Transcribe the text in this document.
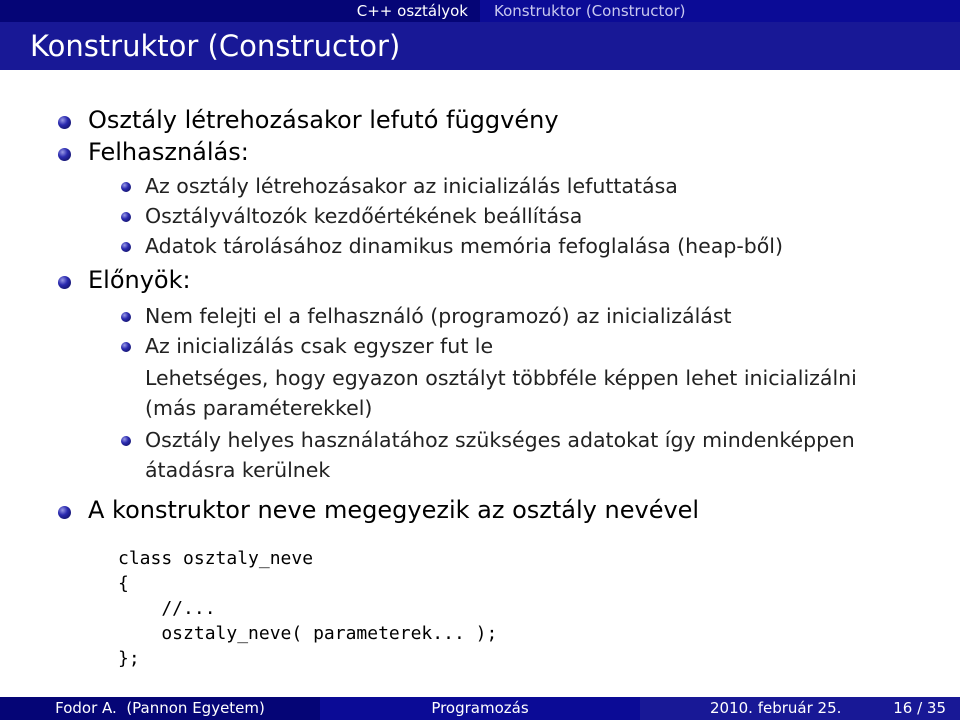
C++ osztályok	Konstruktor (Constructor)
Konstruktor (Constructor)
Osztály létrehozásakor lefutó függvény
Felhasználás:
Az osztály létrehozásakor az inicializálás lefuttatása
Osztályváltozók kezdőértékének beállítása
Adatok tárolásához dinamikus memória fefoglalása (heap-ből)
Előnyök:
Nem felejti el a felhasználó (programozó) az inicializálást
Az inicializálás csak egyszer fut le
Lehetséges, hogy egyazon osztályt többféle képpen lehet inicializálni
(más paraméterekkel)
Osztály helyes használatához szükséges adatokat így mindenképpen
átadásra kerülnek
A konstruktor neve megegyezik az osztály nevével
class osztaly_neve
{
//...
osztaly_neve( parameterek... );
};
Fodor A.  (Pannon Egyetem)	Programozás	2010. február 25.	16 / 35
